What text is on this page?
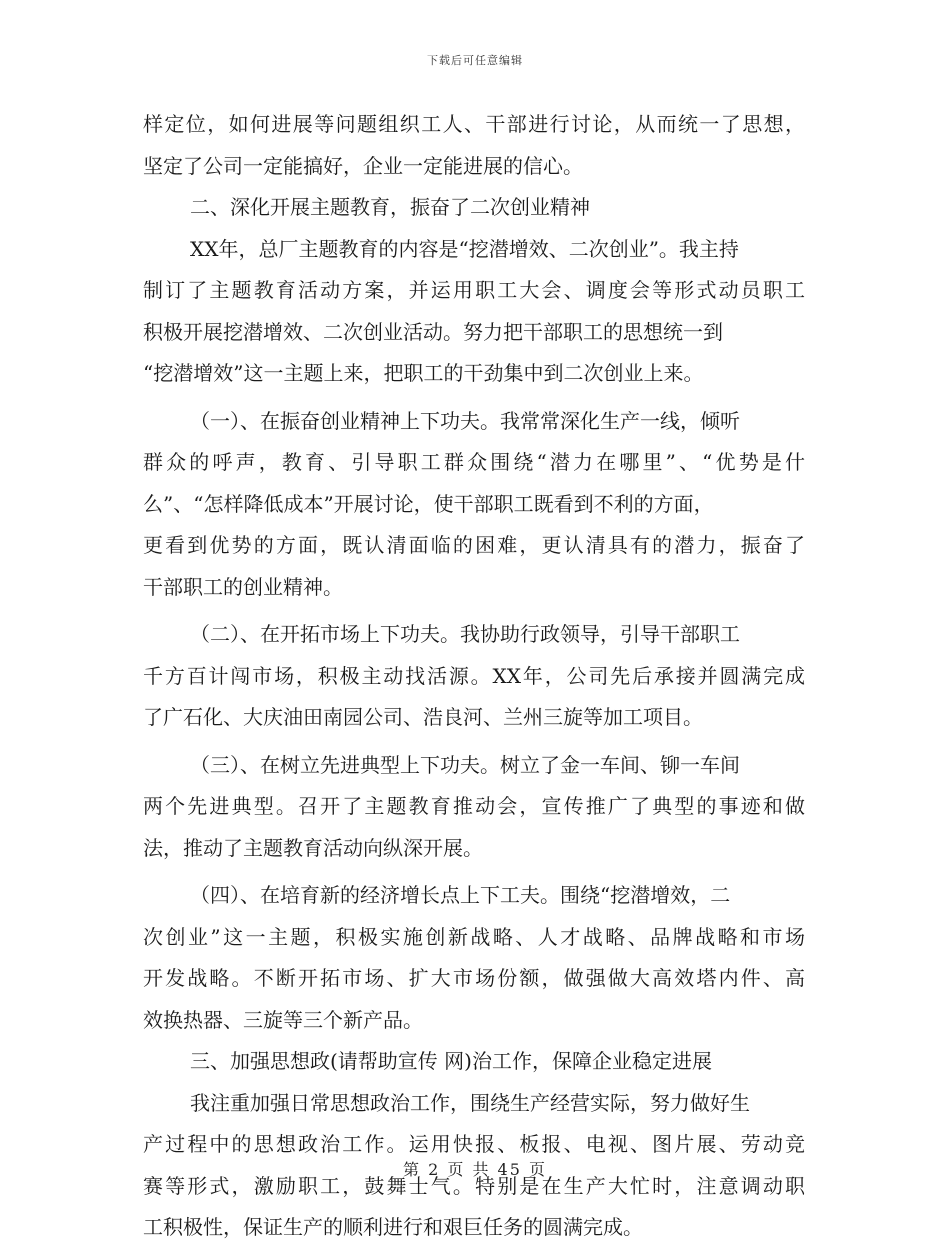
下载后可任意编辑
样定位，如何进展等问题组织工人、干部进行讨论，从而统一了思想，
坚定了公司一定能搞好，企业一定能进展的信心。
二、深化开展主题教育，振奋了二次创业精神
XX年，总厂主题教育的内容是“挖潜增效、二次创业”。我主持
制订了主题教育活动方案，并运用职工大会、调度会等形式动员职工
积极开展挖潜增效、二次创业活动。努力把干部职工的思想统一到
“挖潜增效”这一主题上来，把职工的干劲集中到二次创业上来。
（一）、在振奋创业精神上下功夫。我常常深化生产一线，倾听
群众的呼声，教育、引导职工群众围绕“潜力在哪里”、“优势是什
么”、“怎样降低成本”开展讨论，使干部职工既看到不利的方面，
更看到优势的方面，既认清面临的困难，更认清具有的潜力，振奋了
干部职工的创业精神。
（二）、在开拓市场上下功夫。我协助行政领导，引导干部职工
千方百计闯市场，积极主动找活源。XX年，公司先后承接并圆满完成
了广石化、大庆油田南园公司、浩良河、兰州三旋等加工项目。
（三）、在树立先进典型上下功夫。树立了金一车间、铆一车间
两个先进典型。召开了主题教育推动会，宣传推广了典型的事迹和做
法，推动了主题教育活动向纵深开展。
（四）、在培育新的经济增长点上下工夫。围绕“挖潜增效，二
次创业”这一主题，积极实施创新战略、人才战略、品牌战略和市场
开发战略。不断开拓市场、扩大市场份额，做强做大高效塔内件、高
效换热器、三旋等三个新产品。
三、加强思想政(请帮助宣传 网)治工作，保障企业稳定进展
我注重加强日常思想政治工作，围绕生产经营实际，努力做好生
产过程中的思想政治工作。运用快报、板报、电视、图片展、劳动竞
赛等形式，激励职工，鼓舞士气。特别是在生产大忙时，注意调动职
工积极性，保证生产的顺利进行和艰巨任务的圆满完成。
第 2 页 共 45 页
